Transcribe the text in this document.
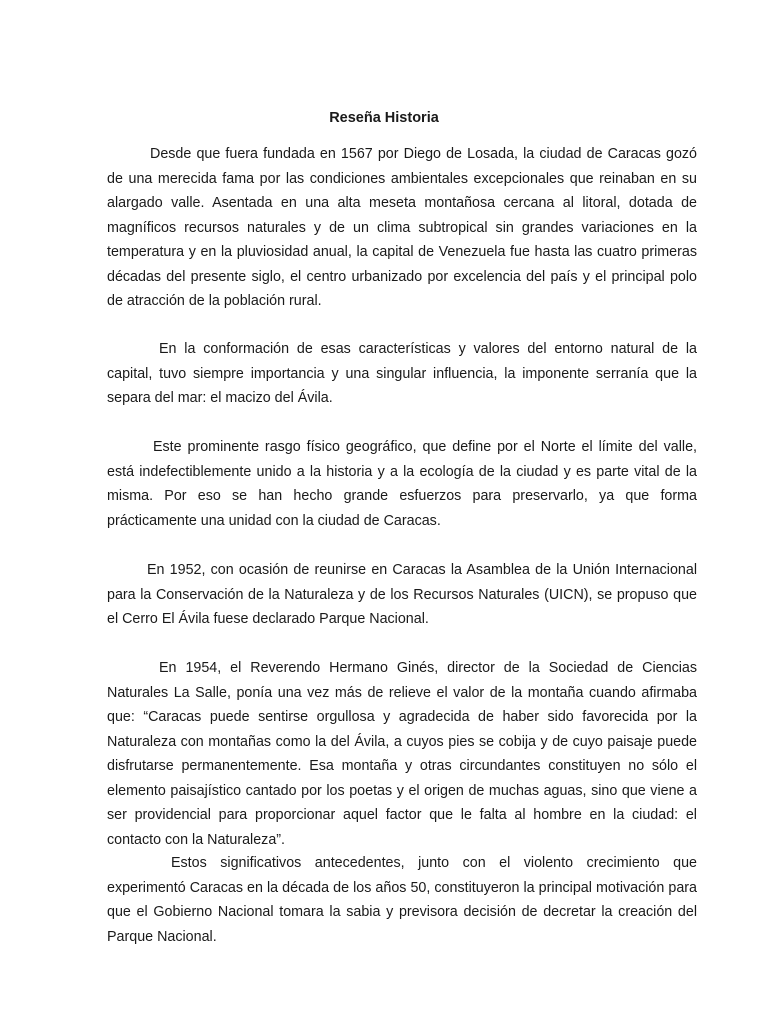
Reseña Historia

Desde que fuera fundada en 1567 por Diego de Losada, la ciudad de Caracas gozó de una merecida fama por las condiciones ambientales excepcionales que reinaban en su alargado valle. Asentada en una alta meseta montañosa cercana al litoral, dotada de magníficos recursos naturales y de un clima subtropical sin grandes variaciones en la temperatura y en la pluviosidad anual, la capital de Venezuela fue hasta las cuatro primeras décadas del presente siglo, el centro urbanizado por excelencia del país y el principal polo de atracción de la población rural.

En la conformación de esas características y valores del entorno natural de la capital, tuvo siempre importancia y una singular influencia, la imponente serranía que la separa del mar: el macizo del Ávila.

Este prominente rasgo físico geográfico, que define por el Norte el límite del valle, está indefectiblemente unido a la historia y a la ecología de la ciudad y es parte vital de la misma. Por eso se han hecho grande esfuerzos para preservarlo, ya que forma prácticamente una unidad con la ciudad de Caracas.

En 1952, con ocasión de reunirse en Caracas la Asamblea de la Unión Internacional para la Conservación de la Naturaleza y de los Recursos Naturales (UICN), se propuso que el Cerro El Ávila fuese declarado Parque Nacional.

En 1954, el Reverendo Hermano Ginés, director de la Sociedad de Ciencias Naturales La Salle, ponía una vez más de relieve el valor de la montaña cuando afirmaba que: “Caracas puede sentirse orgullosa y agradecida de haber sido favorecida por la Naturaleza con montañas como la del Ávila, a cuyos pies se cobija y de cuyo paisaje puede disfrutarse permanentemente. Esa montaña y otras circundantes constituyen no sólo el elemento paisajístico cantado por los poetas y el origen de muchas aguas, sino que viene a ser providencial para proporcionar aquel factor que le falta al hombre en la ciudad: el contacto con la Naturaleza”.

Estos significativos antecedentes, junto con el violento crecimiento que experimentó Caracas en la década de los años 50, constituyeron la principal motivación para que el Gobierno Nacional tomara la sabia y previsora decisión de decretar la creación del Parque Nacional.
